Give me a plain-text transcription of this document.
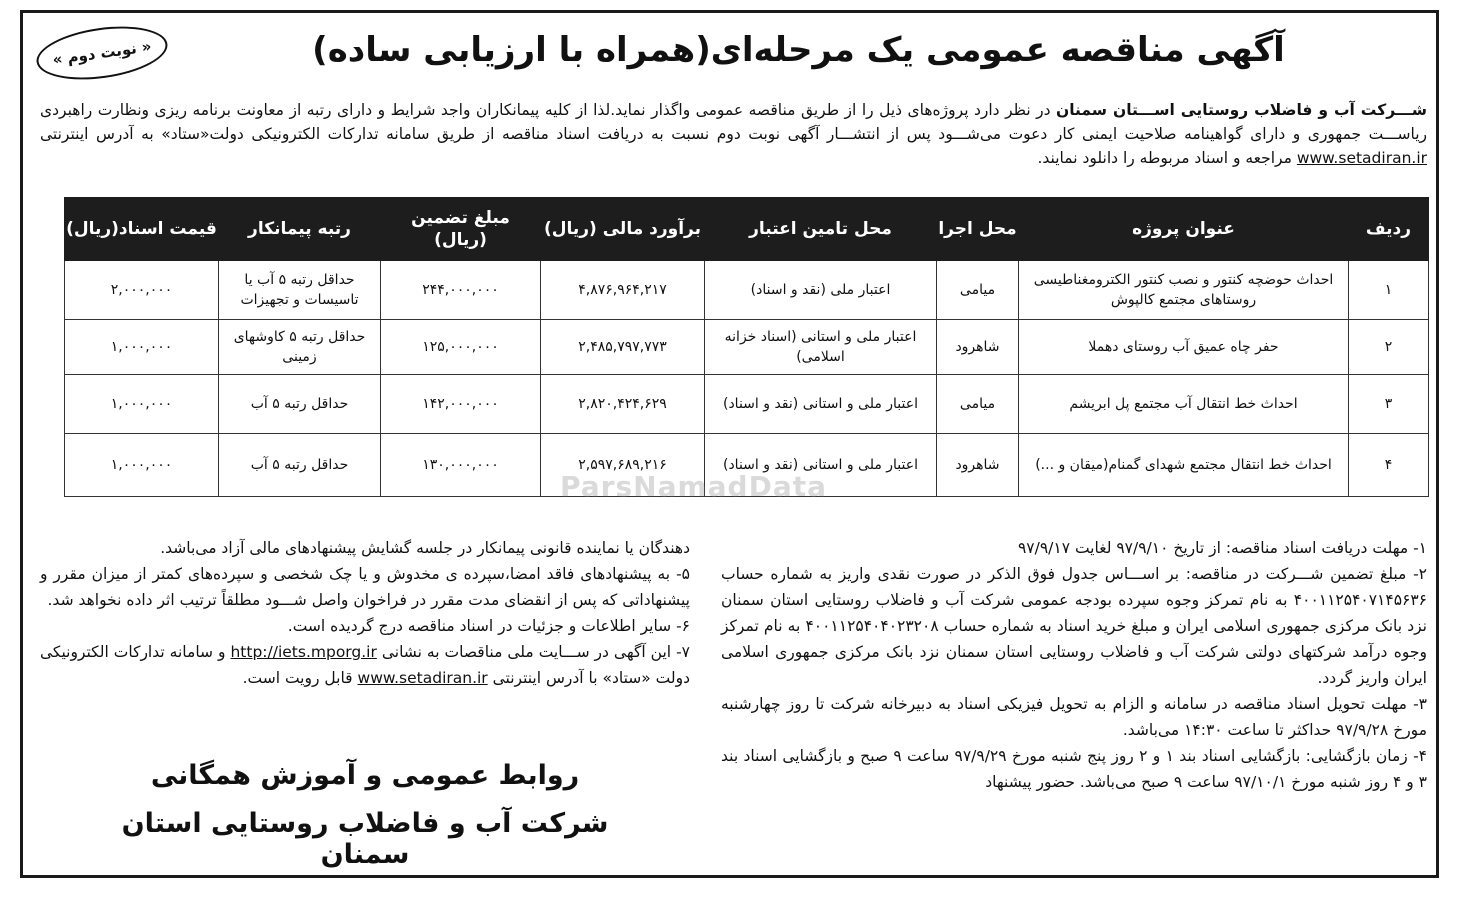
« نوبت دوم »	آگهی مناقصه عمومی یک مرحله‌ای(همراه با ارزیابی ساده)
شـــرکت آب و فاضلاب روستایی اســـتان سمنان در نظر دارد پروژه‌های ذیل را از طریق مناقصه عمومی واگذار نماید.لذا از کلیه پیمانکاران واجد شرایط و دارای رتبه از معاونت برنامه ریزی ونظارت راهبردی ریاســـت جمهوری و دارای گواهینامه صلاحیت ایمنی کار دعوت می‌شـــود پس از انتشـــار آگهی نوبت دوم نسبت به دریافت اسناد مناقصه از طریق سامانه تدارکات الکترونیکی دولت«ستاد» به آدرس اینترنتی www.setadiran.ir مراجعه و اسناد مربوطه را دانلود نمایند.
ردیف	عنوان پروژه	محل اجرا	محل تامین اعتبار	برآورد مالی (ریال)	مبلغ تضمین (ریال)	رتبه پیمانکار	قیمت اسناد(ریال)
۱	احداث حوضچه کنتور و نصب کنتور الکترومغناطیسی روستاهای مجتمع کالپوش	میامی	اعتبار ملی (نقد و اسناد)	۴,۸۷۶,۹۶۴,۲۱۷	۲۴۴,۰۰۰,۰۰۰	حداقل رتبه ۵ آب یا تاسیسات و تجهیزات	۲,۰۰۰,۰۰۰
۲	حفر چاه عمیق آب روستای دهملا	شاهرود	اعتبار ملی و استانی (اسناد خزانه اسلامی)	۲,۴۸۵,۷۹۷,۷۷۳	۱۲۵,۰۰۰,۰۰۰	حداقل رتبه ۵ کاوشهای زمینی	۱,۰۰۰,۰۰۰
۳	احداث خط انتقال آب مجتمع پل ابریشم	میامی	اعتبار ملی و استانی (نقد و اسناد)	۲,۸۲۰,۴۲۴,۶۲۹	۱۴۲,۰۰۰,۰۰۰	حداقل رتبه ۵ آب	۱,۰۰۰,۰۰۰
۴	احداث خط انتقال مجتمع شهدای گمنام(میقان و ...)	شاهرود	اعتبار ملی و استانی (نقد و اسناد)	۲,۵۹۷,۶۸۹,۲۱۶	۱۳۰,۰۰۰,۰۰۰	حداقل رتبه ۵ آب	۱,۰۰۰,۰۰۰
ParsNamadData

۱- مهلت دریافت اسناد مناقصه: از تاریخ ۹۷/۹/۱۰ لغایت ۹۷/۹/۱۷

۲- مبلغ تضمین شـــرکت در مناقصه: بر اســـاس جدول فوق الذکر در صورت نقدی واریز به شماره حساب ۴۰۰۱۱۲۵۴۰۷۱۴۵۶۳۶ به نام تمرکز وجوه سپرده بودجه عمومی شرکت آب و فاضلاب روستایی استان سمنان نزد بانک مرکزی جمهوری اسلامی ایران و مبلغ خرید اسناد به شماره حساب ۴۰۰۱۱۲۵۴۰۴۰۲۳۲۰۸ به نام تمرکز وجوه درآمد شرکتهای دولتی شرکت آب و فاضلاب روستایی استان سمنان نزد بانک مرکزی جمهوری اسلامی ایران واریز گردد.

۳- مهلت تحویل اسناد مناقصه در سامانه و الزام به تحویل فیزیکی اسناد به دبیرخانه شرکت تا روز چهارشنبه مورخ ۹۷/۹/۲۸ حداکثر تا ساعت ۱۴:۳۰ می‌باشد.

۴- زمان بازگشایی: بازگشایی اسناد بند ۱ و ۲ روز پنج شنبه مورخ ۹۷/۹/۲۹ ساعت ۹ صبح و بازگشایی اسناد بند ۳ و ۴ روز شنبه مورخ ۹۷/۱۰/۱ ساعت ۹ صبح می‌باشد. حضور پیشنهاد

دهندگان یا نماینده قانونی پیمانکار در جلسه گشایش پیشنهادهای مالی آزاد می‌باشد.

۵- به پیشنهادهای فاقد امضا،سپرده ی مخدوش و یا چک شخصی و سپرده‌های کمتر از میزان مقرر و پیشنهاداتی که پس از انقضای مدت مقرر در فراخوان واصل شـــود مطلقاً ترتیب اثر داده نخواهد شد.

۶- سایر اطلاعات و جزئیات در اسناد مناقصه درج گردیده است.

۷- این آگهی در ســـایت ملی مناقصات به نشانی http://iets.mporg.ir و سامانه تدارکات الکترونیکی دولت «ستاد» با آدرس اینترنتی www.setadiran.ir قابل رویت است.

روابط عمومی و آموزش همگانی
شرکت آب و فاضلاب روستایی استان سمنان
